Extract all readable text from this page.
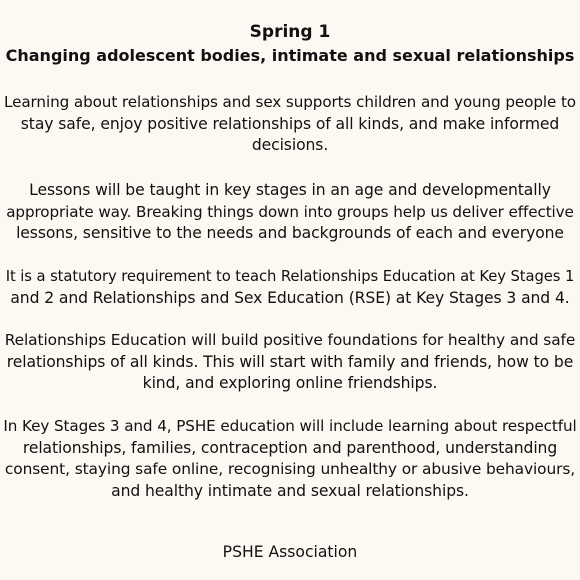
Spring 1
Changing adolescent bodies, intimate and sexual relationships
Learning about relationships and sex supports children and young people to
stay safe, enjoy positive relationships of all kinds, and make informed
decisions.
Lessons will be taught in key stages in an age and developmentally
appropriate way. Breaking things down into groups help us deliver effective
lessons, sensitive to the needs and backgrounds of each and everyone
It is a statutory requirement to teach Relationships Education at Key Stages 1
and 2 and Relationships and Sex Education (RSE) at Key Stages 3 and 4.
Relationships Education will build positive foundations for healthy and safe
relationships of all kinds. This will start with family and friends, how to be
kind, and exploring online friendships.
In Key Stages 3 and 4, PSHE education will include learning about respectful
relationships, families, contraception and parenthood, understanding
consent, staying safe online, recognising unhealthy or abusive behaviours,
and healthy intimate and sexual relationships.
PSHE Association
